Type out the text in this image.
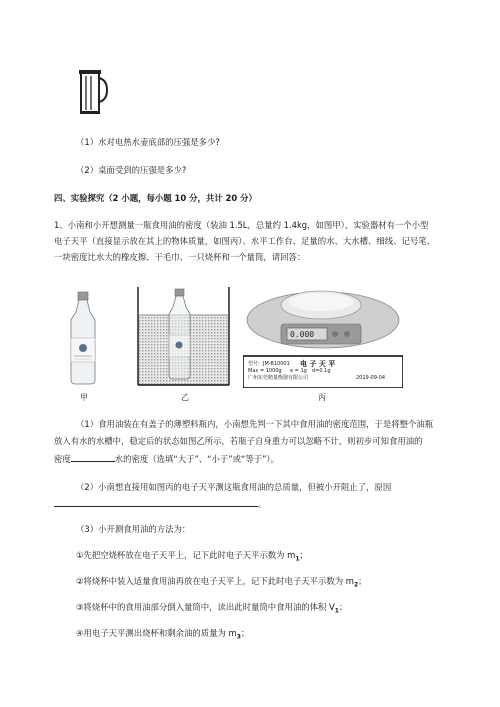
（1）水对电热水壶底部的压强是多少?
（2）桌面受到的压强是多少?
四、实验探究（2 小题，每小题 10 分，共计 20 分）
1、小南和小开想测量一瓶食用油的密度（装油 1.5L，总量约 1.4kg，如图甲），实验器材有一个小型
电子天平（直接显示放在其上的物体质量，如图丙）、水平工作台、足量的水、大水槽、细线、记号笔、
一块密度比水大的橡皮擦、干毛巾、一只烧杯和一个量筒，请回答：
甲	乙
0.000
电 子 天 平
型号：JM-B10001
Max = 1000g e = 1g d=0.1g
广州东莞精量衡器有限公司	2019-09-04
丙
（1）食用油装在有盖子的薄塑料瓶内，小南想先判一下其中食用油的密度范围，于是将整个油瓶
放入有水的水槽中，稳定后的状态如图乙所示，若瓶子自身重力可以忽略不计，则初步可知食用油的
密度	水的密度（选填“大于”、“小于”或“等于”）。
（2）小南想直接用如图丙的电子天平测这瓶食用油的总质量，但被小开阻止了，原因
。
（3）小开测食用油的方法为：
①先把空烧杯放在电子天平上，记下此时电子天平示数为 $m_1$；
②将烧杯中装入适量食用油再放在电子天平上，记下此时电子天平示数为 $m_2$；
③将烧杯中的食用油部分倒入量筒中，读出此时量筒中食用油的体积 $V_1$；
④用电子天平测出烧杯和剩余油的质量为 $m_3$；
